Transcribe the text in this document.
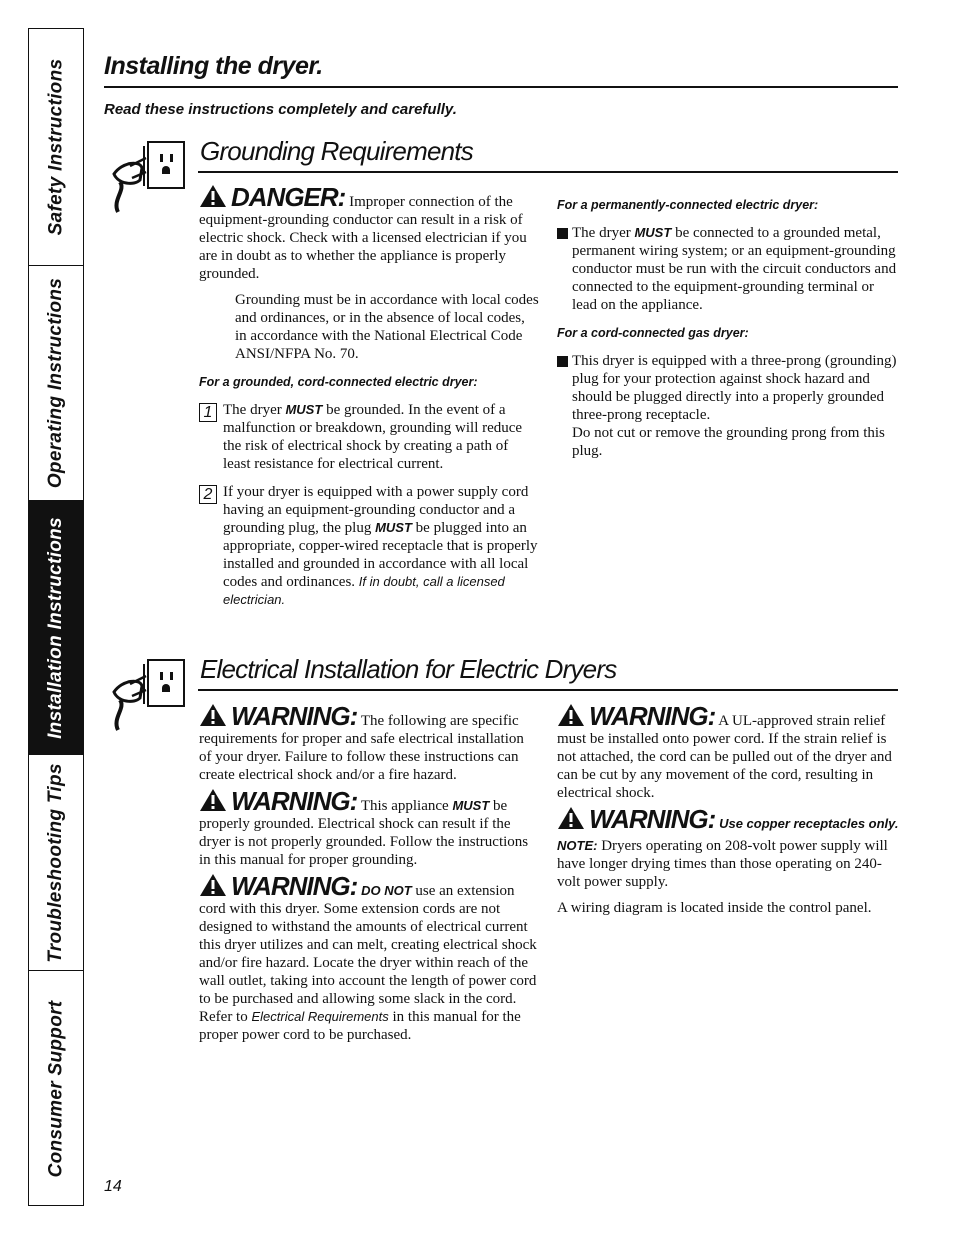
Safety Instructions
Operating Instructions
Installation Instructions
Troubleshooting Tips
Consumer Support
Installing the dryer.
Read these instructions completely and carefully.
Grounding Requirements

DANGER: Improper connection of the equipment-grounding conductor can result in a risk of electric shock. Check with a licensed electrician if you are in doubt as to whether the appliance is properly grounded.

Grounding must be in accordance with local codes and ordinances, or in the absence of local codes, in accordance with the National Electrical Code ANSI/NFPA No. 70.

For a grounded, cord-connected electric dryer:
1 The dryer MUST be grounded. In the event of a malfunction or breakdown, grounding will reduce the risk of electrical shock by creating a path of least resistance for electrical current.
2 If your dryer is equipped with a power supply cord having an equipment-grounding conductor and a grounding plug, the plug MUST be plugged into an appropriate, copper-wired receptacle that is properly installed and grounded in accordance with all local codes and ordinances. If in doubt, call a licensed electrician.
For a permanently-connected electric dryer:
The dryer MUST be connected to a grounded metal, permanent wiring system; or an equipment-grounding conductor must be run with the circuit conductors and connected to the equipment-grounding terminal or lead on the appliance.
For a cord-connected gas dryer:
This dryer is equipped with a three-prong (grounding) plug for your protection against shock hazard and should be plugged directly into a properly grounded three-prong receptacle.
Do not cut or remove the grounding prong from this plug.
Electrical Installation for Electric Dryers

WARNING: The following are specific requirements for proper and safe electrical installation of your dryer. Failure to follow these instructions can create electrical shock and/or a fire hazard.

WARNING: This appliance MUST be properly grounded. Electrical shock can result if the dryer is not properly grounded. Follow the instructions in this manual for proper grounding.

WARNING: DO NOT use an extension cord with this dryer. Some extension cords are not designed to withstand the amounts of electrical current this dryer utilizes and can melt, creating electrical shock and/or fire hazard. Locate the dryer within reach of the wall outlet, taking into account the length of power cord to be purchased and allowing some slack in the cord. Refer to Electrical Requirements in this manual for the proper power cord to be purchased.

WARNING: A UL-approved strain relief must be installed onto power cord. If the strain relief is not attached, the cord can be pulled out of the dryer and can be cut by any movement of the cord, resulting in electrical shock.

WARNING: Use copper receptacles only.

NOTE: Dryers operating on 208-volt power supply will have longer drying times than those operating on 240-volt power supply.

A wiring diagram is located inside the control panel.

14
